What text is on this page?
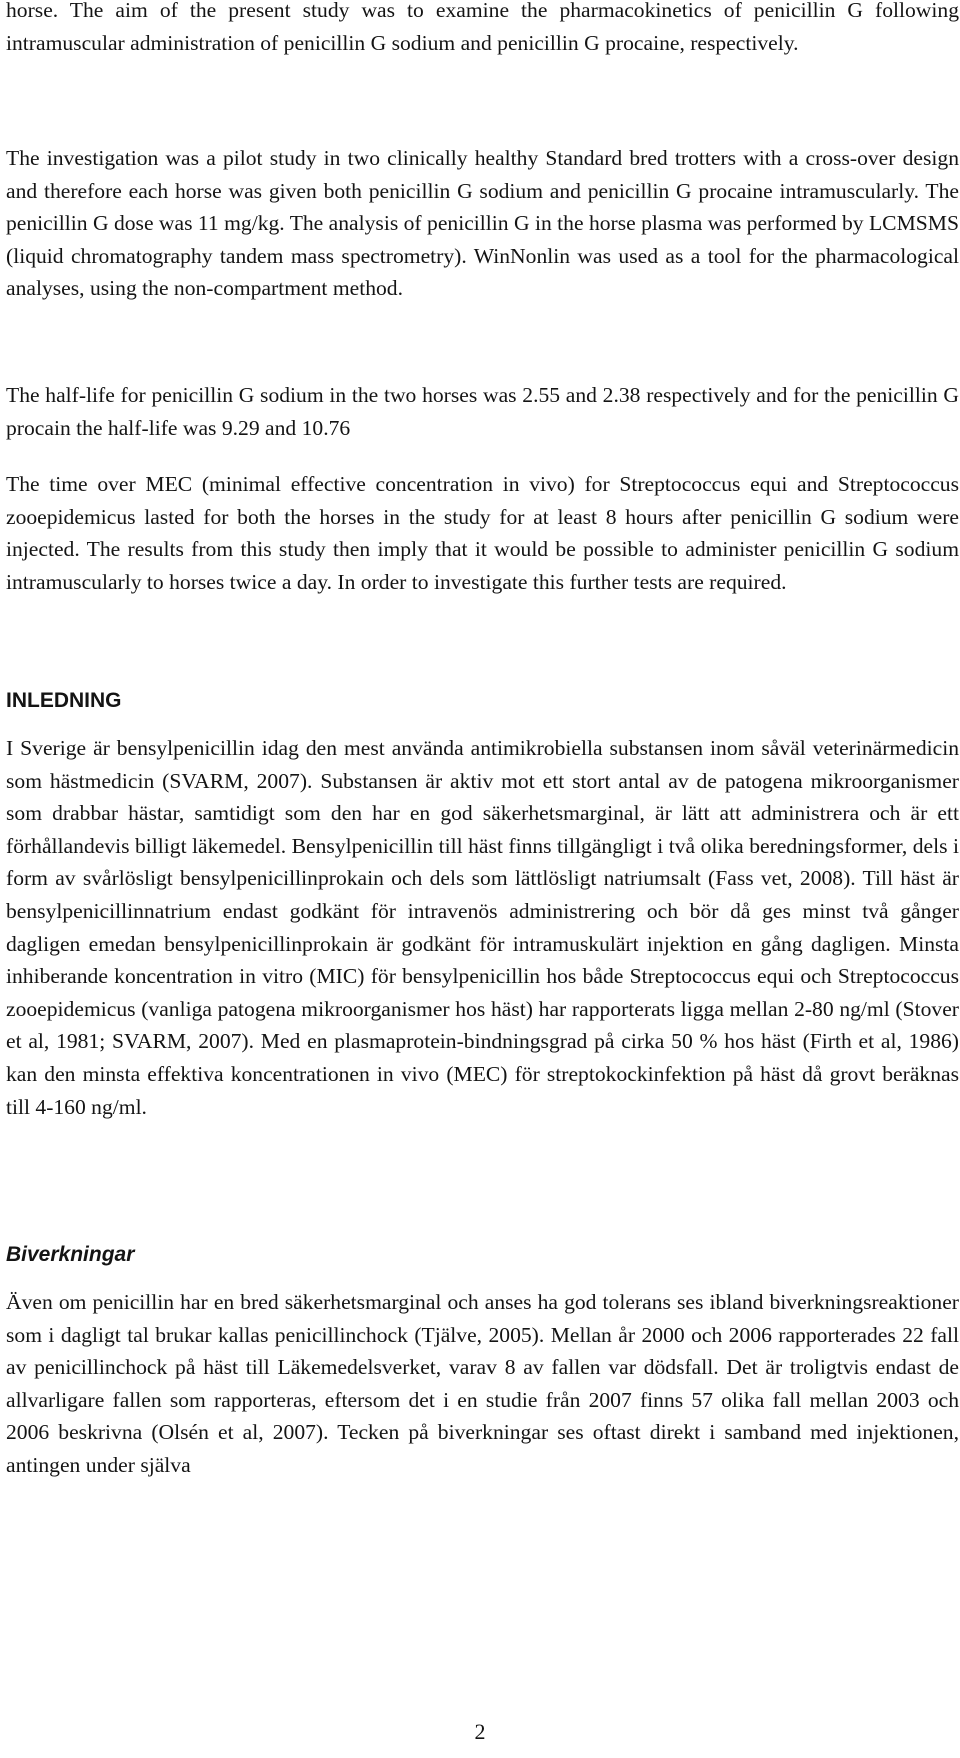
horse. The aim of the present study was to examine the pharmacokinetics of penicillin G following intramuscular administration of penicillin G sodium and penicillin G procaine, respectively.

The investigation was a pilot study in two clinically healthy Standard bred trotters with a cross-over design and therefore each horse was given both penicillin G sodium and penicillin G procaine intramuscularly. The penicillin G dose was 11 mg/kg. The analysis of penicillin G in the horse plasma was performed by LCMSMS (liquid chromatography tandem mass spectrometry). WinNonlin was used as a tool for the pharmacological analyses, using the non-compartment method.

The half-life for penicillin G sodium in the two horses was 2.55 and 2.38 respectively and for the penicillin G procain the half-life was 9.29 and 10.76

The time over MEC (minimal effective concentration in vivo) for Streptococcus equi and Streptococcus zooepidemicus lasted for both the horses in the study for at least 8 hours after penicillin G sodium were injected. The results from this study then imply that it would be possible to administer penicillin G sodium intramuscularly to horses twice a day. In order to investigate this further tests are required.

INLEDNING

I Sverige är bensylpenicillin idag den mest använda antimikrobiella substansen inom såväl veterinärmedicin som hästmedicin (SVARM, 2007). Substansen är aktiv mot ett stort antal av de patogena mikroorganismer som drabbar hästar, samtidigt som den har en god säkerhetsmarginal, är lätt att administrera och är ett förhållandevis billigt läkemedel. Bensylpenicillin till häst finns tillgängligt i två olika beredningsformer, dels i form av svårlösligt bensylpenicillinprokain och dels som lättlösligt natriumsalt (Fass vet, 2008). Till häst är bensylpenicillinnatrium endast godkänt för intravenös administrering och bör då ges minst två gånger dagligen emedan bensylpenicillinprokain är godkänt för intramuskulärt injektion en gång dagligen. Minsta inhiberande koncentration in vitro (MIC) för bensylpenicillin hos både Streptococcus equi och Streptococcus zooepidemicus (vanliga patogena mikroorganismer hos häst) har rapporterats ligga mellan 2-80 ng/ml (Stover et al, 1981; SVARM, 2007). Med en plasmaprotein-bindningsgrad på cirka 50 % hos häst (Firth et al, 1986) kan den minsta effektiva koncentrationen in vivo (MEC) för streptokockinfektion på häst då grovt beräknas till 4-160 ng/ml.

Biverkningar

Även om penicillin har en bred säkerhetsmarginal och anses ha god tolerans ses ibland biverkningsreaktioner som i dagligt tal brukar kallas penicillinchock (Tjälve, 2005). Mellan år 2000 och 2006 rapporterades 22 fall av penicillinchock på häst till Läkemedelsverket, varav 8 av fallen var dödsfall. Det är troligtvis endast de allvarligare fallen som rapporteras, eftersom det i en studie från 2007 finns 57 olika fall mellan 2003 och 2006 beskrivna (Olsén et al, 2007). Tecken på biverkningar ses oftast direkt i samband med injektionen, antingen under själva

2
